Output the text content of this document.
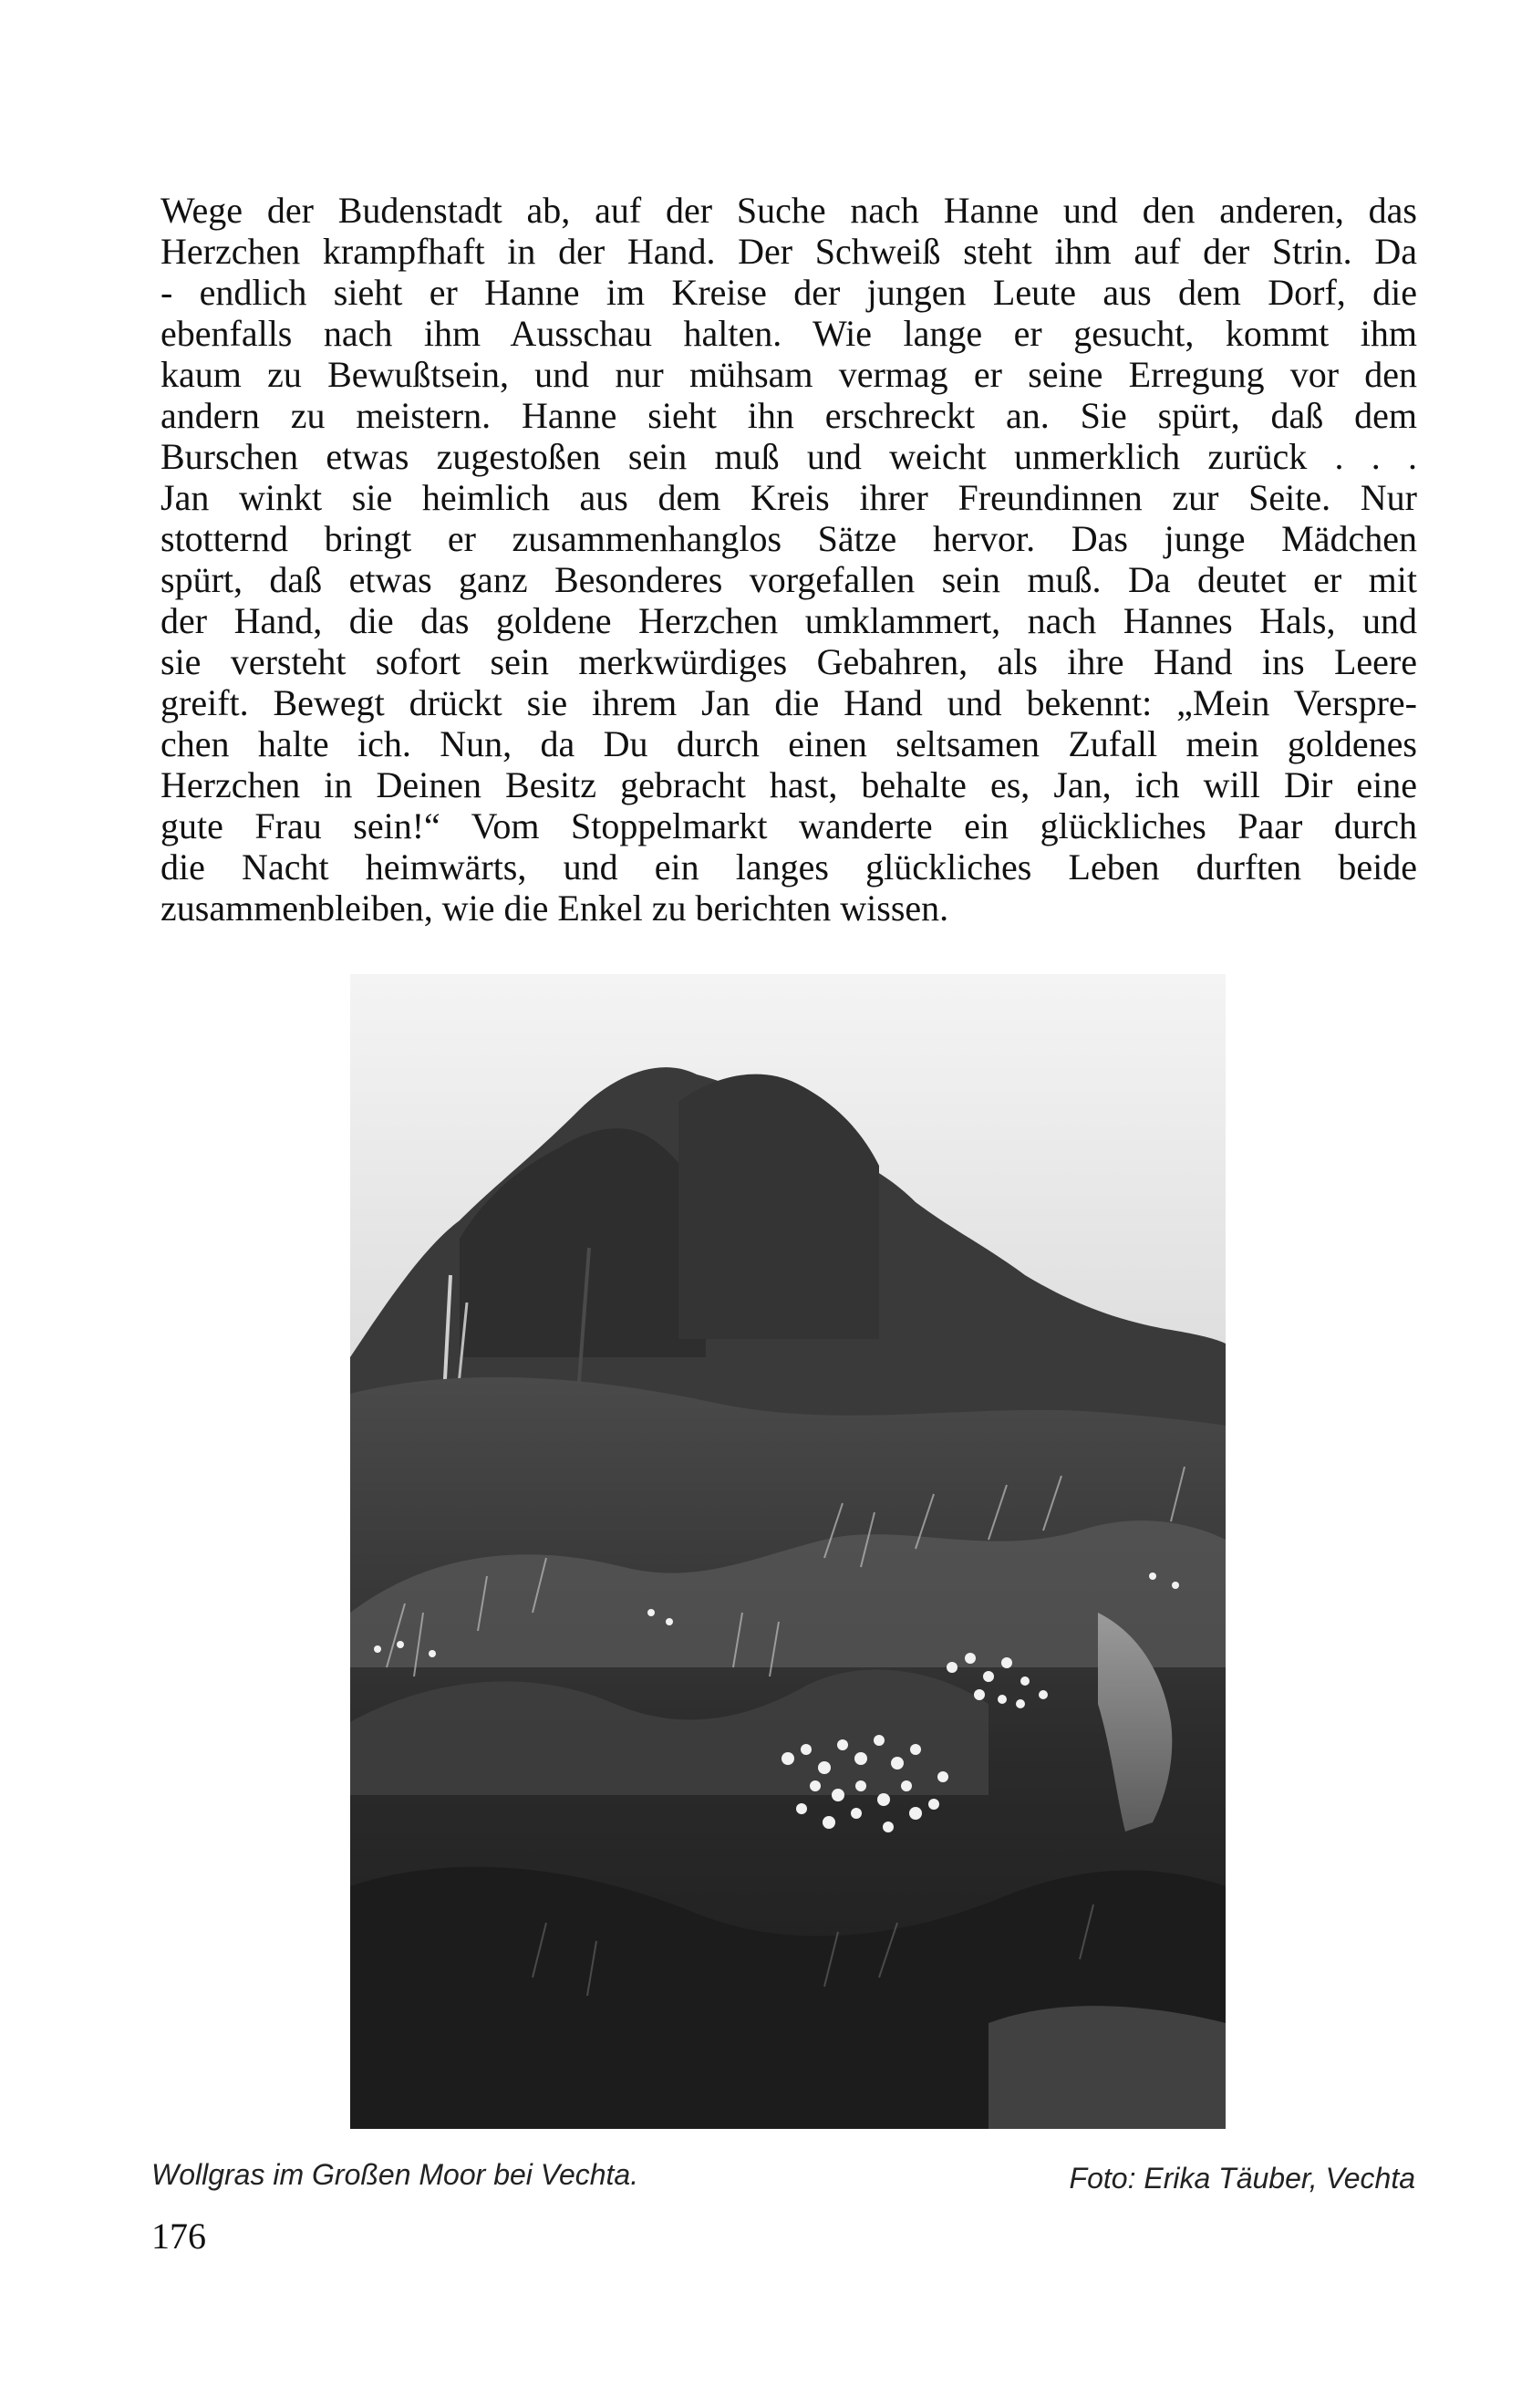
Wege der Budenstadt ab, auf der Suche nach Hanne und den anderen, das
Herzchen krampfhaft in der Hand. Der Schweiß steht ihm auf der Strin. Da
- endlich sieht er Hanne im Kreise der jungen Leute aus dem Dorf, die
ebenfalls nach ihm Ausschau halten. Wie lange er gesucht, kommt ihm
kaum zu Bewußtsein, und nur mühsam vermag er seine Erregung vor den
andern zu meistern. Hanne sieht ihn erschreckt an. Sie spürt, daß dem
Burschen etwas zugestoßen sein muß und weicht unmerklich zurück . . .
Jan winkt sie heimlich aus dem Kreis ihrer Freundinnen zur Seite. Nur
stotternd bringt er zusammenhanglos Sätze hervor. Das junge Mädchen
spürt, daß etwas ganz Besonderes vorgefallen sein muß. Da deutet er mit
der Hand, die das goldene Herzchen umklammert, nach Hannes Hals, und
sie versteht sofort sein merkwürdiges Gebahren, als ihre Hand ins Leere
greift. Bewegt drückt sie ihrem Jan die Hand und bekennt: „Mein Verspre-
chen halte ich. Nun, da Du durch einen seltsamen Zufall mein goldenes
Herzchen in Deinen Besitz gebracht hast, behalte es, Jan, ich will Dir eine
gute Frau sein!“ Vom Stoppelmarkt wanderte ein glückliches Paar durch
die Nacht heimwärts, und ein langes glückliches Leben durften beide
zusammenbleiben, wie die Enkel zu berichten wissen.
Wollgras im Großen Moor bei Vechta.	Foto: Erika Täuber, Vechta
176
